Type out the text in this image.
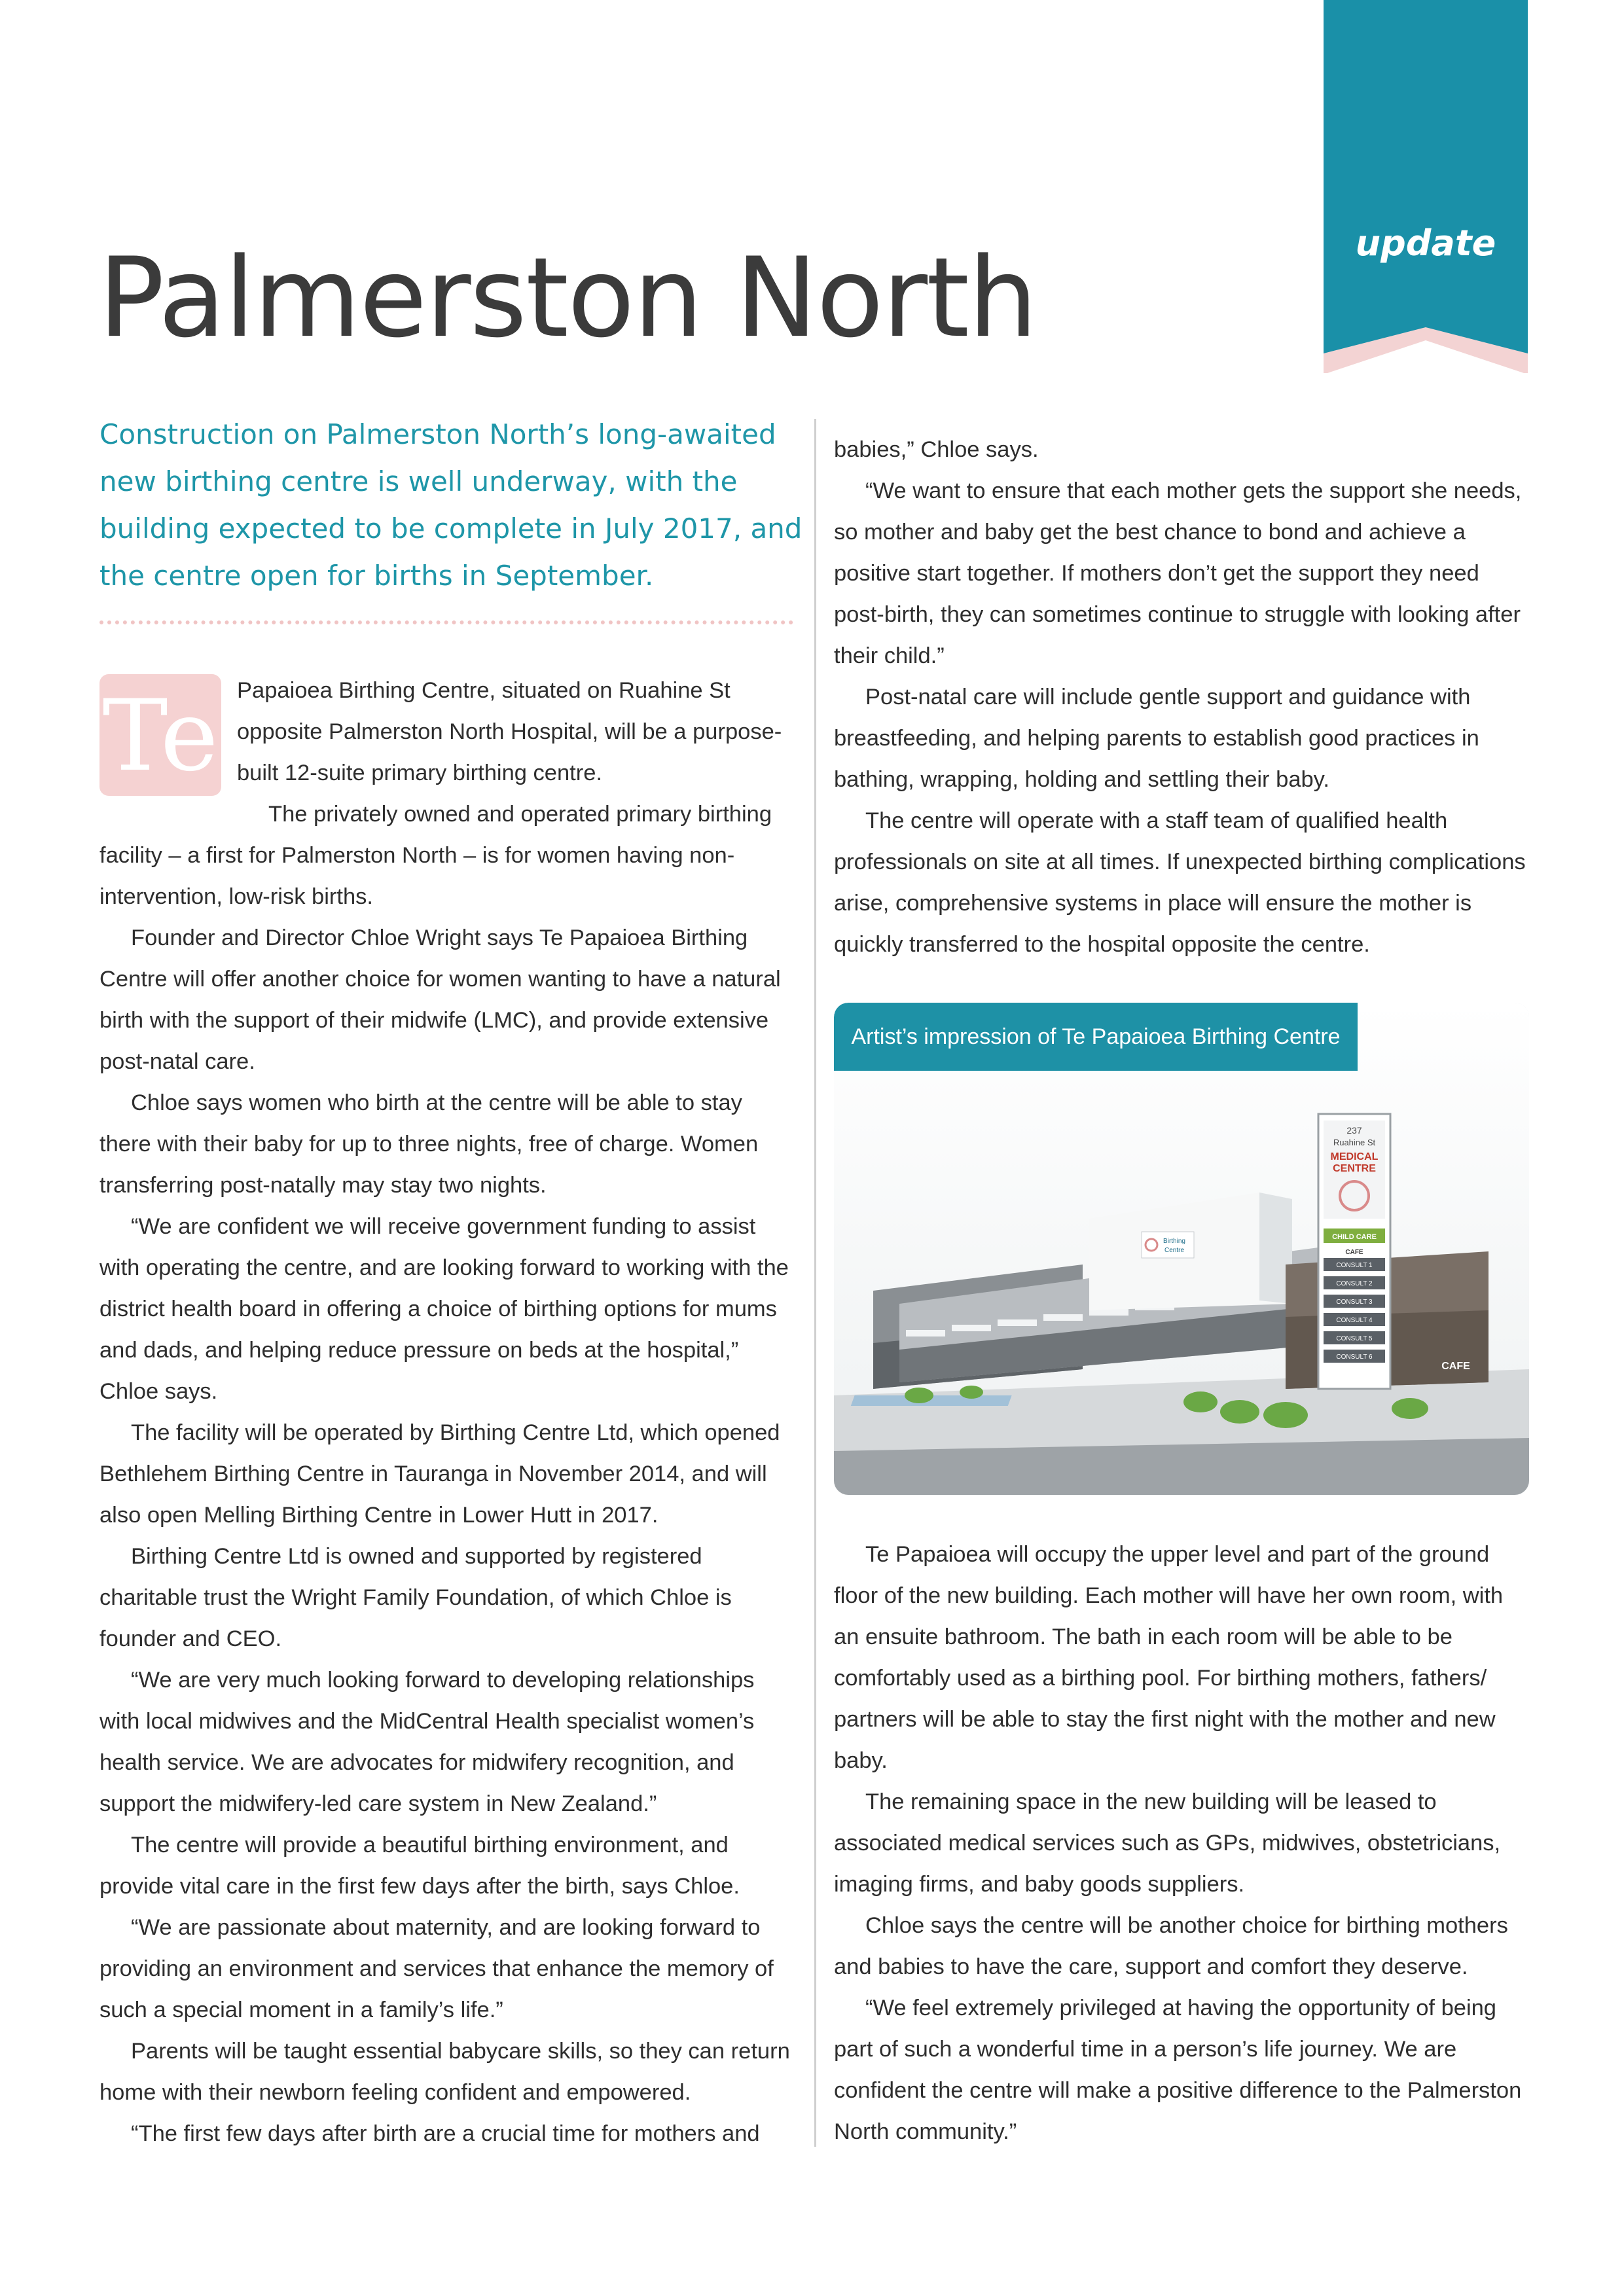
update
Palmerston North

Construction on Palmerston North’s long-awaited new birthing centre is well underway, with the building expected to be complete in July 2017, and the centre open for births in September.

Te Papaioea Birthing Centre, situated on Ruahine St opposite Palmerston North Hospital, will be a purpose-built 12-suite primary birthing centre.

The privately owned and operated primary birthing facility – a first for Palmerston North – is for women having non-intervention, low-risk births.

Founder and Director Chloe Wright says Te Papaioea Birthing Centre will offer another choice for women wanting to have a natural birth with the support of their midwife (LMC), and provide extensive post-natal care.

Chloe says women who birth at the centre will be able to stay there with their baby for up to three nights, free of charge. Women transferring post-natally may stay two nights.

“We are confident we will receive government funding to assist with operating the centre, and are looking forward to working with the district health board in offering a choice of birthing options for mums and dads, and helping reduce pressure on beds at the hospital,” Chloe says.

The facility will be operated by Birthing Centre Ltd, which opened Bethlehem Birthing Centre in Tauranga in November 2014, and will also open Melling Birthing Centre in Lower Hutt in 2017.

Birthing Centre Ltd is owned and supported by registered charitable trust the Wright Family Foundation, of which Chloe is founder and CEO.

“We are very much looking forward to developing relationships with local midwives and the MidCentral Health specialist women’s health service. We are advocates for midwifery recognition, and support the midwifery-led care system in New Zealand.”

The centre will provide a beautiful birthing environment, and provide vital care in the first few days after the birth, says Chloe.

“We are passionate about maternity, and are looking forward to providing an environment and services that enhance the memory of such a special moment in a family’s life.”

Parents will be taught essential babycare skills, so they can return home with their newborn feeling confident and empowered.

“The first few days after birth are a crucial time for mothers and

babies,” Chloe says.

“We want to ensure that each mother gets the support she needs, so mother and baby get the best chance to bond and achieve a positive start together. If mothers don’t get the support they need post-birth, they can sometimes continue to struggle with looking after their child.”

Post-natal care will include gentle support and guidance with breastfeeding, and helping parents to establish good practices in bathing, wrapping, holding and settling their baby.

The centre will operate with a staff team of qualified health professionals on site at all times. If unexpected birthing complications arise, comprehensive systems in place will ensure the mother is quickly transferred to the hospital opposite the centre.

237
Ruahine St
MEDICAL
CENTRE
CHILD CARE
CAFE
CONSULT 1
CONSULT 2
CONSULT 3
CONSULT 4
CONSULT 5
CONSULT 6
Birthing
Centre
CAFE
Artist’s impression of Te Papaioea Birthing Centre

Te Papaioea will occupy the upper level and part of the ground floor of the new building. Each mother will have her own room, with an ensuite bathroom. The bath in each room will be able to be comfortably used as a birthing pool. For birthing mothers, fathers/ partners will be able to stay the first night with the mother and new baby.

The remaining space in the new building will be leased to associated medical services such as GPs, midwives, obstetricians, imaging firms, and baby goods suppliers.

Chloe says the centre will be another choice for birthing mothers and babies to have the care, support and comfort they deserve.

“We feel extremely privileged at having the opportunity of being part of such a wonderful time in a person’s life journey. We are confident the centre will make a positive difference to the Palmerston North community.”
